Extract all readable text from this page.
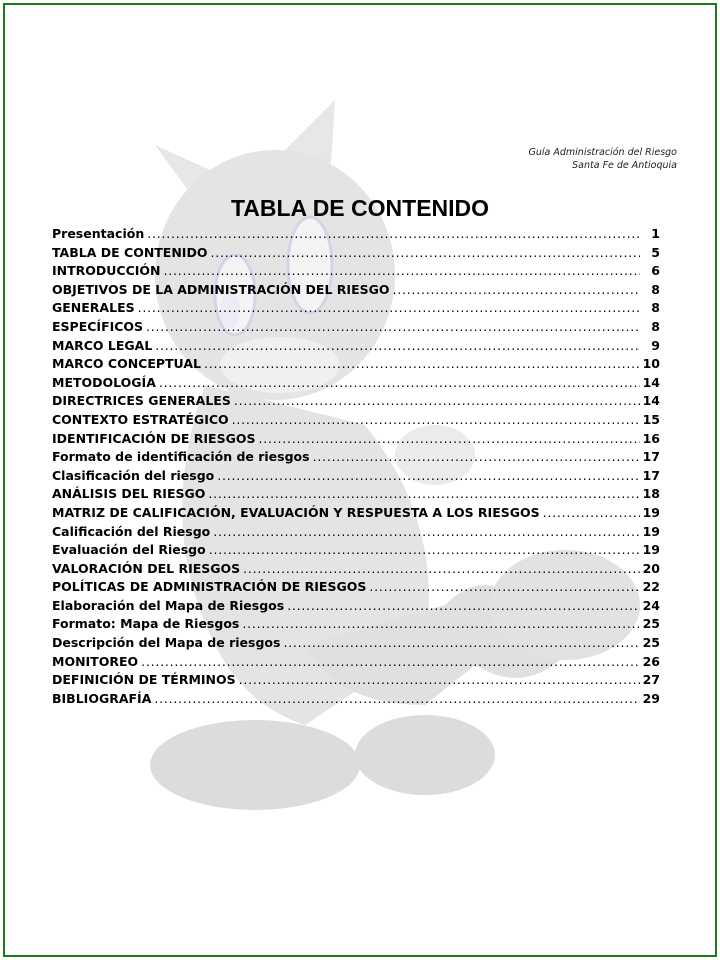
Guía Administración del Riesgo
Santa Fe de Antioquia
TABLA DE CONTENIDO
Presentación . . .	1
TABLA DE CONTENIDO . . .	5
INTRODUCCIÓN . . .	6
OBJETIVOS DE LA ADMINISTRACIÓN DEL RIESGO . . .	8
GENERALES . . .	8
ESPECÍFICOS . . .	8
MARCO LEGAL . . .	9
MARCO CONCEPTUAL . . .	10
METODOLOGÍA . . .	14
DIRECTRICES GENERALES . . .	14
CONTEXTO ESTRATÉGICO . . .	15
IDENTIFICACIÓN DE RIESGOS . . .	16
Formato de identificación de riesgos . . .	17
Clasificación del riesgo . . .	17
ANÁLISIS DEL RIESGO . . .	18
MATRIZ DE CALIFICACIÓN, EVALUACIÓN Y RESPUESTA A LOS RIESGOS . . .	19
Calificación del Riesgo . . .	19
Evaluación del Riesgo . . .	19
VALORACIÓN DEL RIESGOS . . .	20
POLÍTICAS DE ADMINISTRACIÓN DE RIESGOS . . .	22
Elaboración del Mapa de Riesgos . . .	24
Formato: Mapa de Riesgos . . .	25
Descripción del Mapa de riesgos . . .	25
MONITOREO . . .	26
DEFINICIÓN DE TÉRMINOS . . .	27
BIBLIOGRAFÍA . . .	29
